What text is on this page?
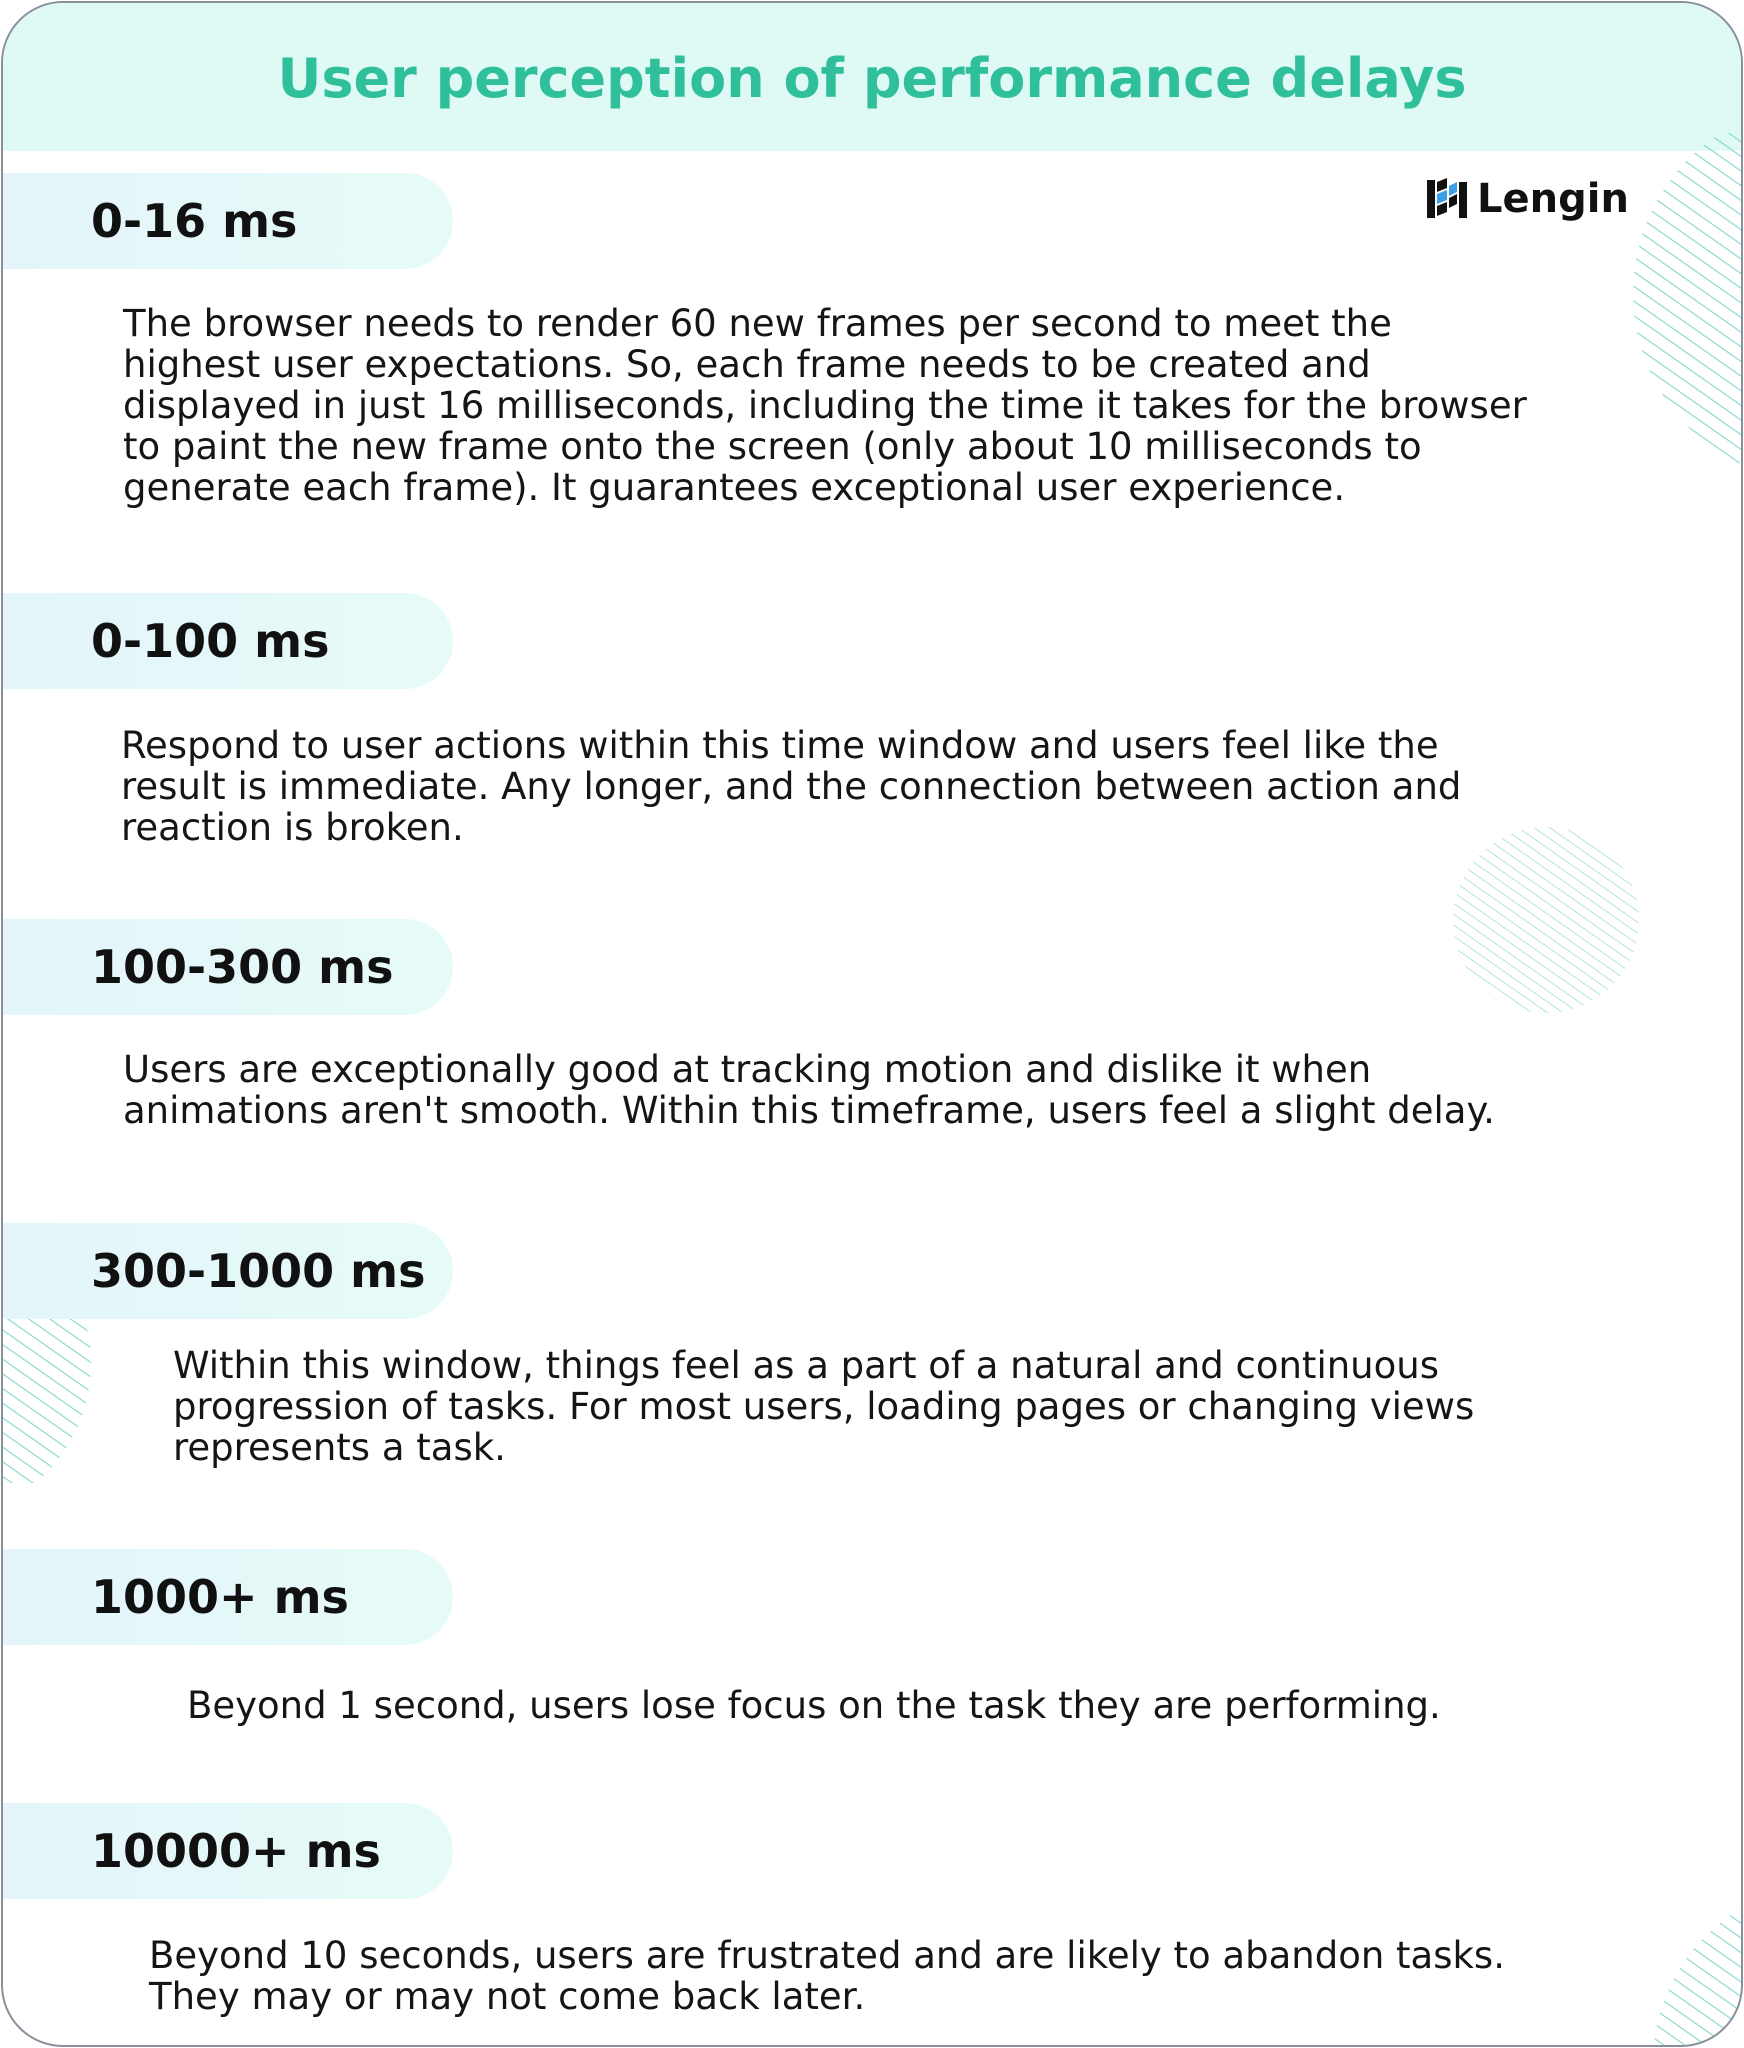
User perception of performance delays
Lengin
0-16 ms

The browser needs to render 60 new frames per second to meet the
highest user expectations. So, each frame needs to be created and
displayed in just 16 milliseconds, including the time it takes for the browser
to paint the new frame onto the screen (only about 10 milliseconds to
generate each frame). It guarantees exceptional user experience.

0-100 ms

Respond to user actions within this time window and users feel like the
result is immediate. Any longer, and the connection between action and
reaction is broken.

100-300 ms

Users are exceptionally good at tracking motion and dislike it when
animations aren't smooth. Within this timeframe, users feel a slight delay.

300-1000 ms

Within this window, things feel as a part of a natural and continuous
progression of tasks. For most users, loading pages or changing views
represents a task.

1000+ ms

Beyond 1 second, users lose focus on the task they are performing.

10000+ ms

Beyond 10 seconds, users are frustrated and are likely to abandon tasks.
They may or may not come back later.
